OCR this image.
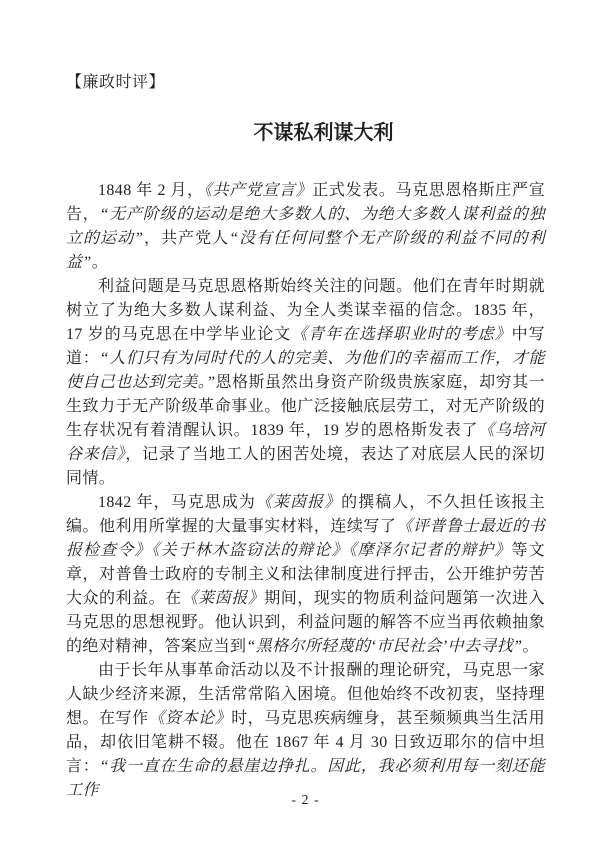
【廉政时评】
不谋私利谋大利

1848 年 2 月，《共产党宣言》正式发表。马克思恩格斯庄严宣告，“无产阶级的运动是绝大多数人的、为绝大多数人谋利益的独立的运动”，共产党人“没有任何同整个无产阶级的利益不同的利益”。

利益问题是马克思恩格斯始终关注的问题。他们在青年时期就树立了为绝大多数人谋利益、为全人类谋幸福的信念。1835 年，17 岁的马克思在中学毕业论文《青年在选择职业时的考虑》中写道：“人们只有为同时代的人的完美、为他们的幸福而工作，才能使自己也达到完美。”恩格斯虽然出身资产阶级贵族家庭，却穷其一生致力于无产阶级革命事业。他广泛接触底层劳工，对无产阶级的生存状况有着清醒认识。1839 年，19 岁的恩格斯发表了《乌培河谷来信》，记录了当地工人的困苦处境，表达了对底层人民的深切同情。

1842 年，马克思成为《莱茵报》的撰稿人，不久担任该报主编。他利用所掌握的大量事实材料，连续写了《评普鲁士最近的书报检查令》《关于林木盗窃法的辩论》《摩泽尔记者的辩护》等文章，对普鲁士政府的专制主义和法律制度进行抨击，公开维护劳苦大众的利益。在《莱茵报》期间，现实的物质利益问题第一次进入马克思的思想视野。他认识到，利益问题的解答不应当再依赖抽象的绝对精神，答案应当到“黑格尔所轻蔑的‘市民社会’中去寻找”。

由于长年从事革命活动以及不计报酬的理论研究，马克思一家人缺少经济来源，生活常常陷入困境。但他始终不改初衷，坚持理想。在写作《资本论》时，马克思疾病缠身，甚至频频典当生活用品，却依旧笔耕不辍。他在 1867 年 4 月 30 日致迈耶尔的信中坦言：“我一直在生命的悬崖边挣扎。因此，我必须利用每一刻还能工作

- 2 -
